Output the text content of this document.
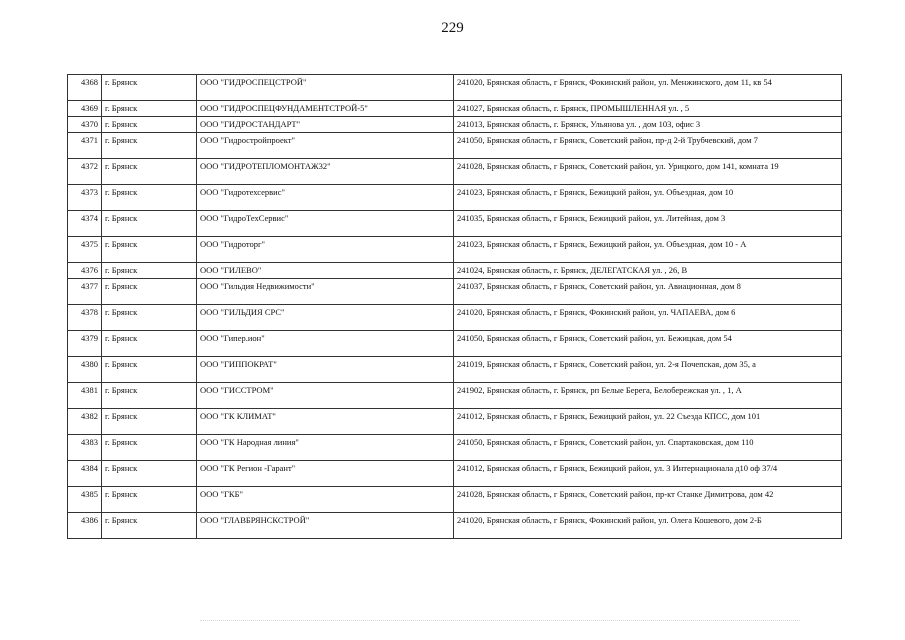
229
4368	г. Брянск	ООО "ГИДРОСПЕЦСТРОЙ"	241020, Брянская область, г Брянск, Фокинский район, ул. Менжинского, дом 11, кв 54
4369	г. Брянск	ООО "ГИДРОСПЕЦФУНДАМЕНТСТРОЙ-5"	241027, Брянская область, г. Брянск, ПРОМЫШЛЕННАЯ ул. , 5
4370	г. Брянск	ООО "ГИДРОСТАНДАРТ"	241013, Брянская область, г. Брянск, Ульянова ул. , дом 103, офис 3
4371	г. Брянск	ООО "Гидростройпроект"	241050, Брянская область, г Брянск, Советский район, пр-д 2-й Трубчевский, дом 7
4372	г. Брянск	ООО "ГИДРОТЕПЛОМОНТАЖ32"	241028, Брянская область, г Брянск, Советский район, ул. Урицкого, дом 141, комната 19
4373	г. Брянск	ООО "Гидротехсервис"	241023, Брянская область, г Брянск, Бежицкий район, ул. Объездная, дом 10
4374	г. Брянск	ООО "ГидроТехСервис"	241035, Брянская область, г Брянск, Бежицкий район, ул. Литейная, дом 3
4375	г. Брянск	ООО "Гидроторг"	241023, Брянская область, г Брянск, Бежицкий район, ул. Объездная, дом 10 - А
4376	г. Брянск	ООО "ГИЛЕВО"	241024, Брянская область, г. Брянск, ДЕЛЕГАТСКАЯ ул. , 26, В
4377	г. Брянск	ООО "Гильдия Недвижимости"	241037, Брянская область, г Брянск, Советский район, ул. Авиационная, дом 8
4378	г. Брянск	ООО "ГИЛЬДИЯ СРС"	241020, Брянская область, г Брянск, Фокинский район, ул. ЧАПАЕВА, дом 6
4379	г. Брянск	ООО "Гипер.ион"	241050, Брянская область, г Брянск, Советский район, ул. Бежицкая, дом 54
4380	г. Брянск	ООО "ГИППОКРАТ"	241019, Брянская область, г Брянск, Советский район, ул. 2-я Почепская, дом 35, а
4381	г. Брянск	ООО "ГИССТРОМ"	241902, Брянская область, г. Брянск, рп Белые Берега, Белобережская ул. , 1, А
4382	г. Брянск	ООО "ГК КЛИМАТ"	241012, Брянская область, г Брянск, Бежицкий район, ул. 22 Съезда КПСС, дом 101
4383	г. Брянск	ООО "ГК Народная линия"	241050, Брянская область, г Брянск, Советский район, ул. Спартаковская, дом 110
4384	г. Брянск	ООО "ГК Регион -Гарант"	241012, Брянская область, г Брянск, Бежицкий район, ул. 3 Интернационала д10 оф 37/4
4385	г. Брянск	ООО "ГКБ"	241028, Брянская область, г Брянск, Советский район, пр-кт Станке Димитрова, дом 42
4386	г. Брянск	ООО "ГЛАВБРЯНСКСТРОЙ"	241020, Брянская область, г Брянск, Фокинский район, ул. Олега Кошевого, дом 2-Б
